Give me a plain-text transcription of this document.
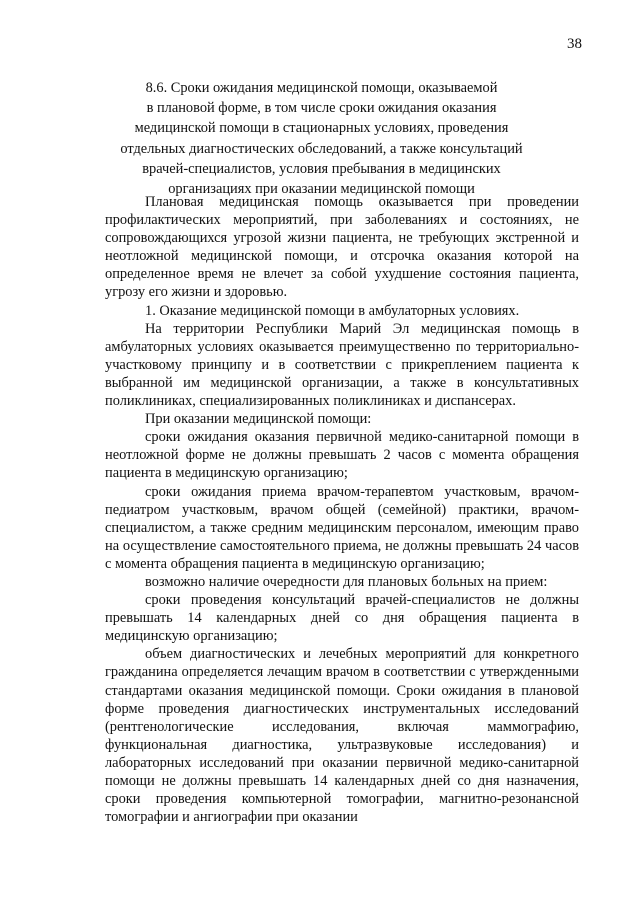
38
8.6. Сроки ожидания медицинской помощи, оказываемой
в плановой форме, в том числе сроки ожидания оказания
медицинской помощи в стационарных условиях, проведения
отдельных диагностических обследований, а также консультаций
врачей-специалистов, условия пребывания в медицинских
организациях при оказании медицинской помощи

Плановая медицинская помощь оказывается при проведении профилактических мероприятий, при заболеваниях и состояниях, не сопровождающихся угрозой жизни пациента, не требующих экстренной и неотложной медицинской помощи, и отсрочка оказания которой на определенное время не влечет за собой ухудшение состояния пациента, угрозу его жизни и здоровью.

1. Оказание медицинской помощи в амбулаторных условиях.

На территории Республики Марий Эл медицинская помощь в амбулаторных условиях оказывается преимущественно по территориально-участковому принципу и в соответствии с прикреплением пациента к выбранной им медицинской организации, а также в консультативных поликлиниках, специализированных поликлиниках и диспансерах.

При оказании медицинской помощи:

сроки ожидания оказания первичной медико-санитарной помощи в неотложной форме не должны превышать 2 часов с момента обращения пациента в медицинскую организацию;

сроки ожидания приема врачом-терапевтом участковым, врачом-педиатром участковым, врачом общей (семейной) практики, врачом-специалистом, а также средним медицинским персоналом, имеющим право на осуществление самостоятельного приема, не должны превышать 24 часов с момента обращения пациента в медицинскую организацию;

возможно наличие очередности для плановых больных на прием:

сроки проведения консультаций врачей-специалистов не должны превышать 14 календарных дней со дня обращения пациента в медицинскую организацию;

объем диагностических и лечебных мероприятий для конкретного гражданина определяется лечащим врачом в соответствии с утвержденными стандартами оказания медицинской помощи. Сроки ожидания в плановой форме проведения диагностических инструментальных исследований (рентгенологические исследования, включая маммографию, функциональная диагностика, ультразвуковые исследования) и лабораторных исследований при оказании первичной медико-санитарной помощи не должны превышать 14 календарных дней со дня назначения, сроки проведения компьютерной томографии, магнитно-резонансной томографии и ангиографии при оказании
